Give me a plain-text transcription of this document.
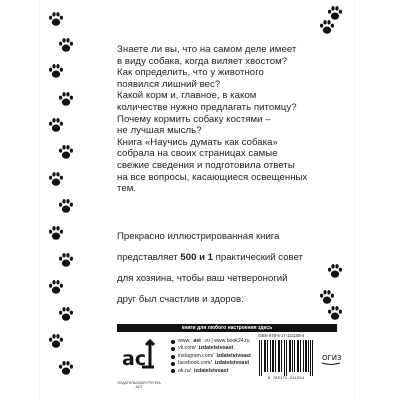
Знаете ли вы, что на самом деле имеет

в виду собака, когда виляет хвостом?

Как определить, что у животного

появился лишний вес?

Какой корм и, главное, в каком

количестве нужно предлагать питомцу?

Почему кормить собаку костями –

не лучшая мысль?

Книга «Научись думать как собака»

собрала на своих страницах самые

свежие сведения и подготовила ответы

на все вопросы, касающиеся освещенных

тем.

Прекрасно иллюстрированная книга

представляет 500 и 1 практический совет

для хозяина, чтобы ваш четвероногий

друг был счастлив и здоров.

книги для любого настроения здесь
ac
ИЗДАТЕЛЬСКАЯ ГРУППА АСТ
www. ast .ru | www.book24.ru
vk.com/ izdatelstvoast
instagram.com/ izdatelstvoast
facebook.com/ izdatelstvoast
ok.ru/ izdatelstvoast
ISBN 978-5-17-121155-4
9 785171 211554
ОГИЗ
